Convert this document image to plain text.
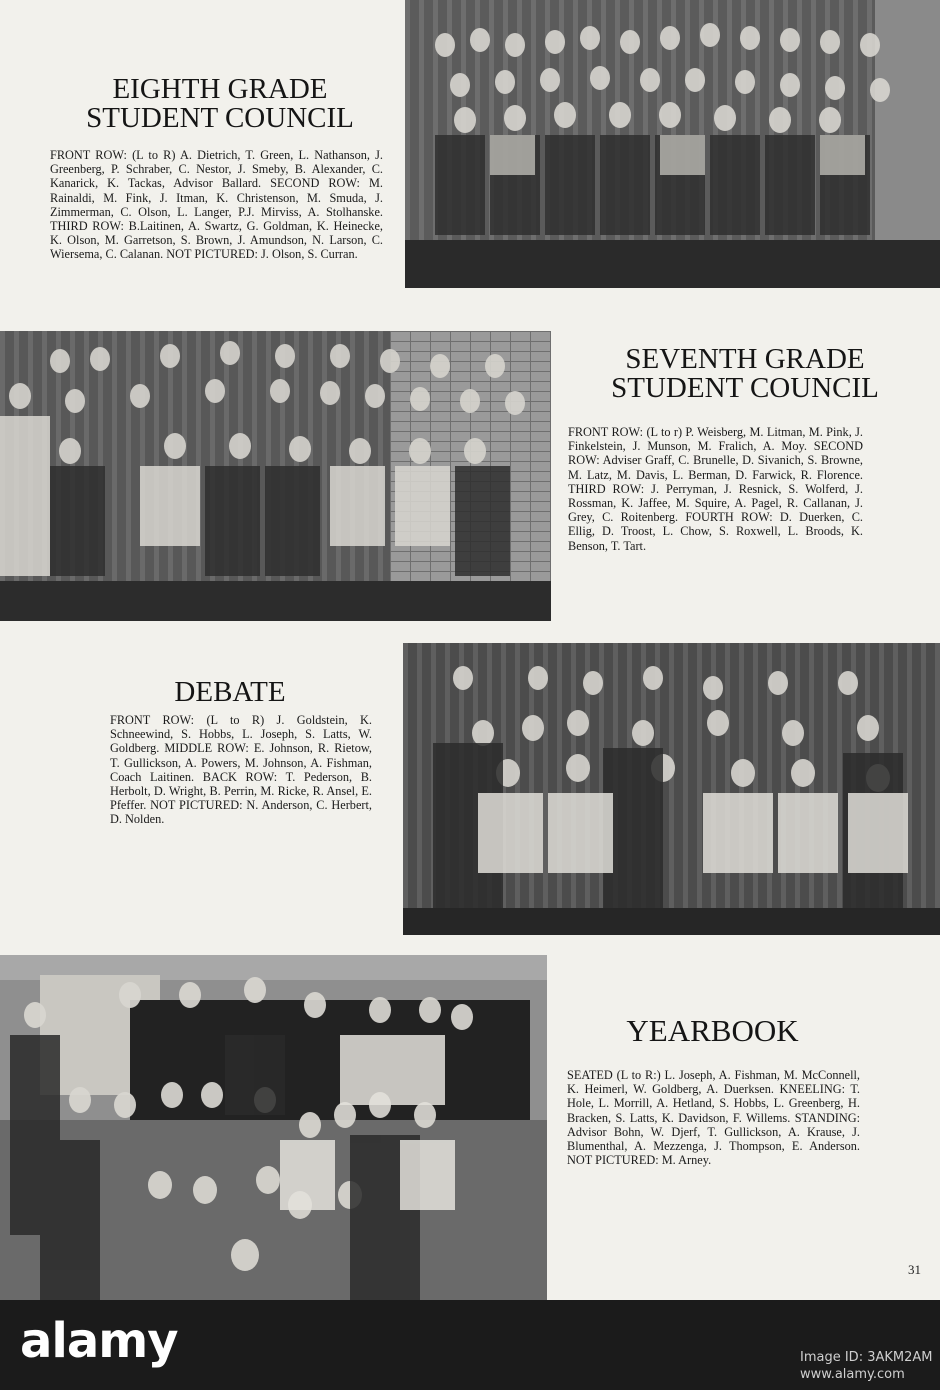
EIGHTH GRADE
STUDENT COUNCIL

FRONT ROW: (L to R) A. Dietrich, T. Green, L. Nathanson, J. Greenberg, P. Schraber, C. Nestor, J. Smeby, B. Alexander, C. Kanarick, K. Tackas, Advisor Ballard. SECOND ROW: M. Rainaldi, M. Fink, J. Itman, K. Christenson, M. Smuda, J. Zimmerman, C. Olson, L. Langer, P.J. Mirviss, A. Stolhanske. THIRD ROW: B.Laitinen, A. Swartz, G. Goldman, K. Heinecke, K. Olson, M. Garretson, S. Brown, J. Amundson, N. Larson, C. Wiersema, C. Calanan. NOT PICTURED: J. Olson, S. Curran.

SEVENTH GRADE
STUDENT COUNCIL

FRONT ROW: (L to r) P. Weisberg, M. Litman, M. Pink, J. Finkelstein, J. Munson, M. Fralich, A. Moy. SECOND ROW: Adviser Graff, C. Brunelle, D. Sivanich, S. Browne, M. Latz, M. Davis, L. Berman, D. Farwick, R. Florence. THIRD ROW: J. Perryman, J. Resnick, S. Wolferd, J. Rossman, K. Jaffee, M. Squire, A. Pagel, R. Callanan, J. Grey, C. Roitenberg. FOURTH ROW: D. Duerken, C. Ellig, D. Troost, L. Chow, S. Roxwell, L. Broods, K. Benson, T. Tart.

DEBATE

FRONT ROW: (L to R) J. Goldstein, K. Schneewind, S. Hobbs, L. Joseph, S. Latts, W. Goldberg. MIDDLE ROW: E. Johnson, R. Rietow, T. Gullickson, A. Powers, M. Johnson, A. Fishman, Coach Laitinen. BACK ROW: T. Pederson, B. Herbolt, D. Wright, B. Perrin, M. Ricke, R. Ansel, E. Pfeffer. NOT PICTURED: N. Anderson, C. Herbert, D. Nolden.

YEARBOOK

SEATED (L to R:) L. Joseph, A. Fishman, M. McConnell, K. Heimerl, W. Goldberg, A. Duerksen. KNEELING: T. Hole, L. Morrill, A. Hetland, S. Hobbs, L. Greenberg, H. Bracken, S. Latts, K. Davidson, F. Willems. STANDING: Advisor Bohn, W. Djerf, T. Gullickson, A. Krause, J. Blumenthal, A. Mezzenga, J. Thompson, E. Anderson. NOT PICTURED: M. Arney.

31
alamy	Image ID: 3AKM2AM
www.alamy.com
